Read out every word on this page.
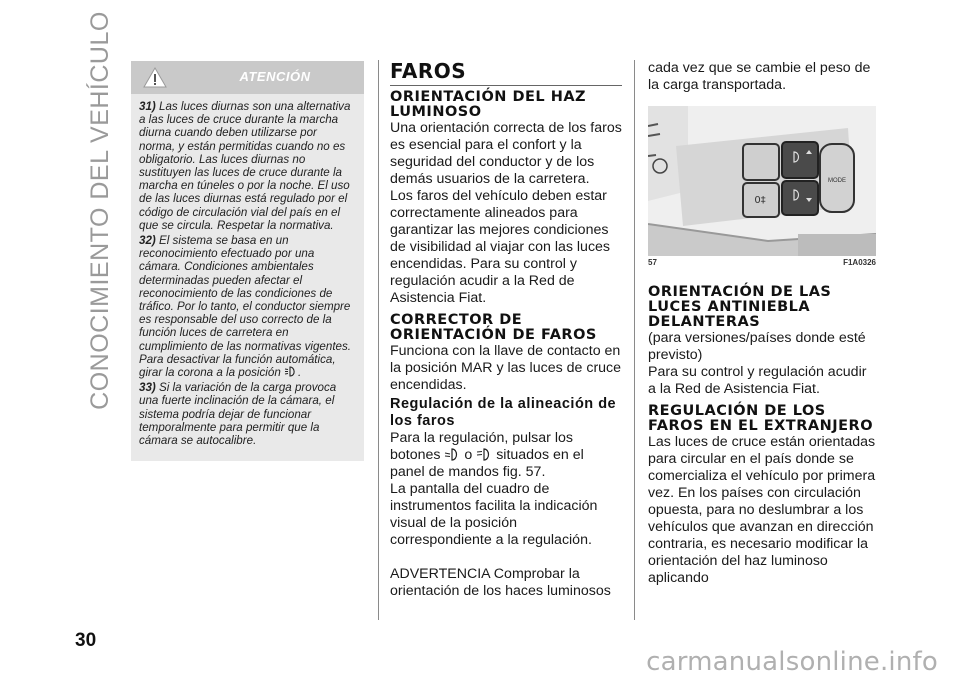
CONOCIMIENTO DEL VEHÍCULO
30
ATENCIÓN

31) Las luces diurnas son una alternativa a las luces de cruce durante la marcha diurna cuando deben utilizarse por norma, y están permitidas cuando no es obligatorio. Las luces diurnas no sustituyen las luces de cruce durante la marcha en túneles o por la noche. El uso de las luces diurnas está regulado por el código de circulación vial del país en el que se circula. Respetar la normativa.

32) El sistema se basa en un reconocimiento efectuado por una cámara. Condiciones ambientales determinadas pueden afectar el reconocimiento de las condiciones de tráfico. Por lo tanto, el conductor siempre es responsable del uso correcto de la función luces de carretera en cumplimiento de las normativas vigentes. Para desactivar la función automática, girar la corona a la posición .

33) Si la variación de la carga provoca una fuerte inclinación de la cámara, el sistema podría dejar de funcionar temporalmente para permitir que la cámara se autocalibre.

FAROS
ORIENTACIÓN DEL HAZ LUMINOSO

Una orientación correcta de los faros es esencial para el confort y la seguridad del conductor y de los demás usuarios de la carretera.

Los faros del vehículo deben estar correctamente alineados para garantizar las mejores condiciones de visibilidad al viajar con las luces encendidas. Para su control y regulación acudir a la Red de Asistencia Fiat.

CORRECTOR DE ORIENTACIÓN DE FAROS

Funciona con la llave de contacto en la posición MAR y las luces de cruce encendidas.

Regulación de la alineación de los faros

Para la regulación, pulsar los botones o situados en el panel de mandos fig. 57.

La pantalla del cuadro de instrumentos facilita la indicación visual de la posición correspondiente a la regulación.

ADVERTENCIA Comprobar la orientación de los haces luminosos

cada vez que se cambie el peso de la carga transportada.

MODE
0‡
57	F1A0326
ORIENTACIÓN DE LAS LUCES ANTINIEBLA DELANTERAS

(para versiones/países donde esté previsto)

Para su control y regulación acudir a la Red de Asistencia Fiat.

REGULACIÓN DE LOS FAROS EN EL EXTRANJERO

Las luces de cruce están orientadas para circular en el país donde se comercializa el vehículo por primera vez. En los países con circulación opuesta, para no deslumbrar a los vehículos que avanzan en dirección contraria, es necesario modificar la orientación del haz luminoso aplicando

carmanualsonline.info
